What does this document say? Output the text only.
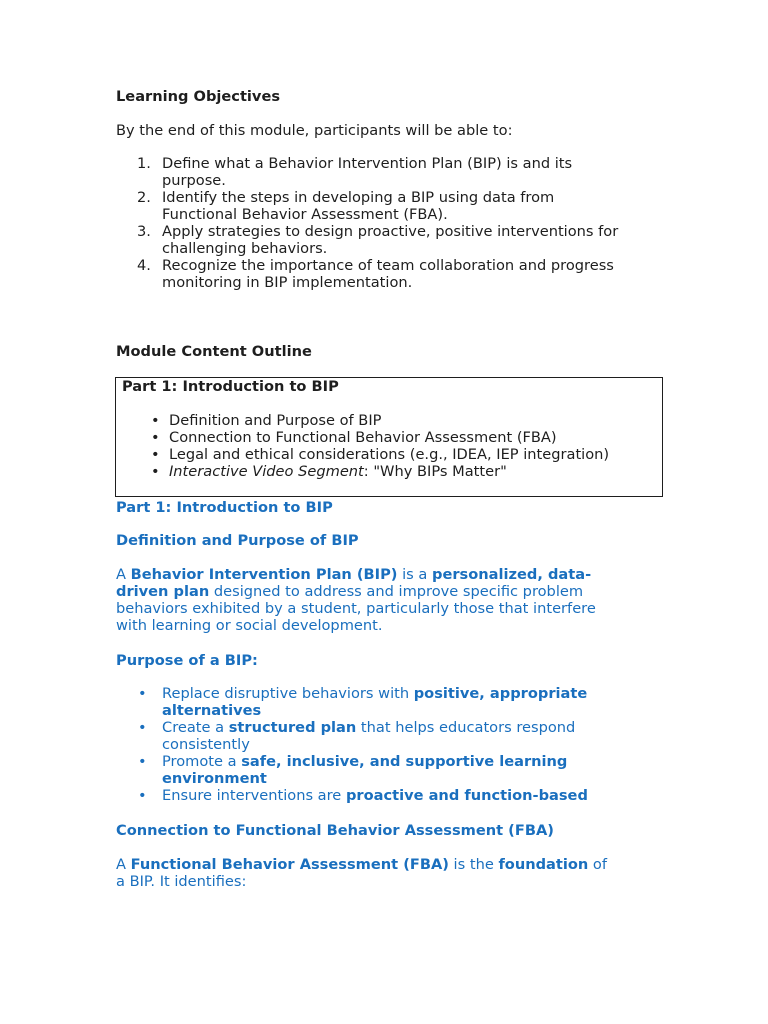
Learning Objectives
By the end of this module, participants will be able to:
1. Define what a Behavior Intervention Plan (BIP) is and its
purpose.
2. Identify the steps in developing a BIP using data from
Functional Behavior Assessment (FBA).
3. Apply strategies to design proactive, positive interventions for
challenging behaviors.
4. Recognize the importance of team collaboration and progress
monitoring in BIP implementation.
Module Content Outline
Part 1: Introduction to BIP
• Definition and Purpose of BIP
• Connection to Functional Behavior Assessment (FBA)
• Legal and ethical considerations (e.g., IDEA, IEP integration)
• Interactive Video Segment: "Why BIPs Matter"
Part 1: Introduction to BIP
Definition and Purpose of BIP
A Behavior Intervention Plan (BIP) is a personalized, data-
driven plan designed to address and improve specific problem
behaviors exhibited by a student, particularly those that interfere
with learning or social development.
Purpose of a BIP:
• Replace disruptive behaviors with positive, appropriate
alternatives
• Create a structured plan that helps educators respond
consistently
• Promote a safe, inclusive, and supportive learning
environment
• Ensure interventions are proactive and function-based
Connection to Functional Behavior Assessment (FBA)
A Functional Behavior Assessment (FBA) is the foundation of
a BIP. It identifies:
